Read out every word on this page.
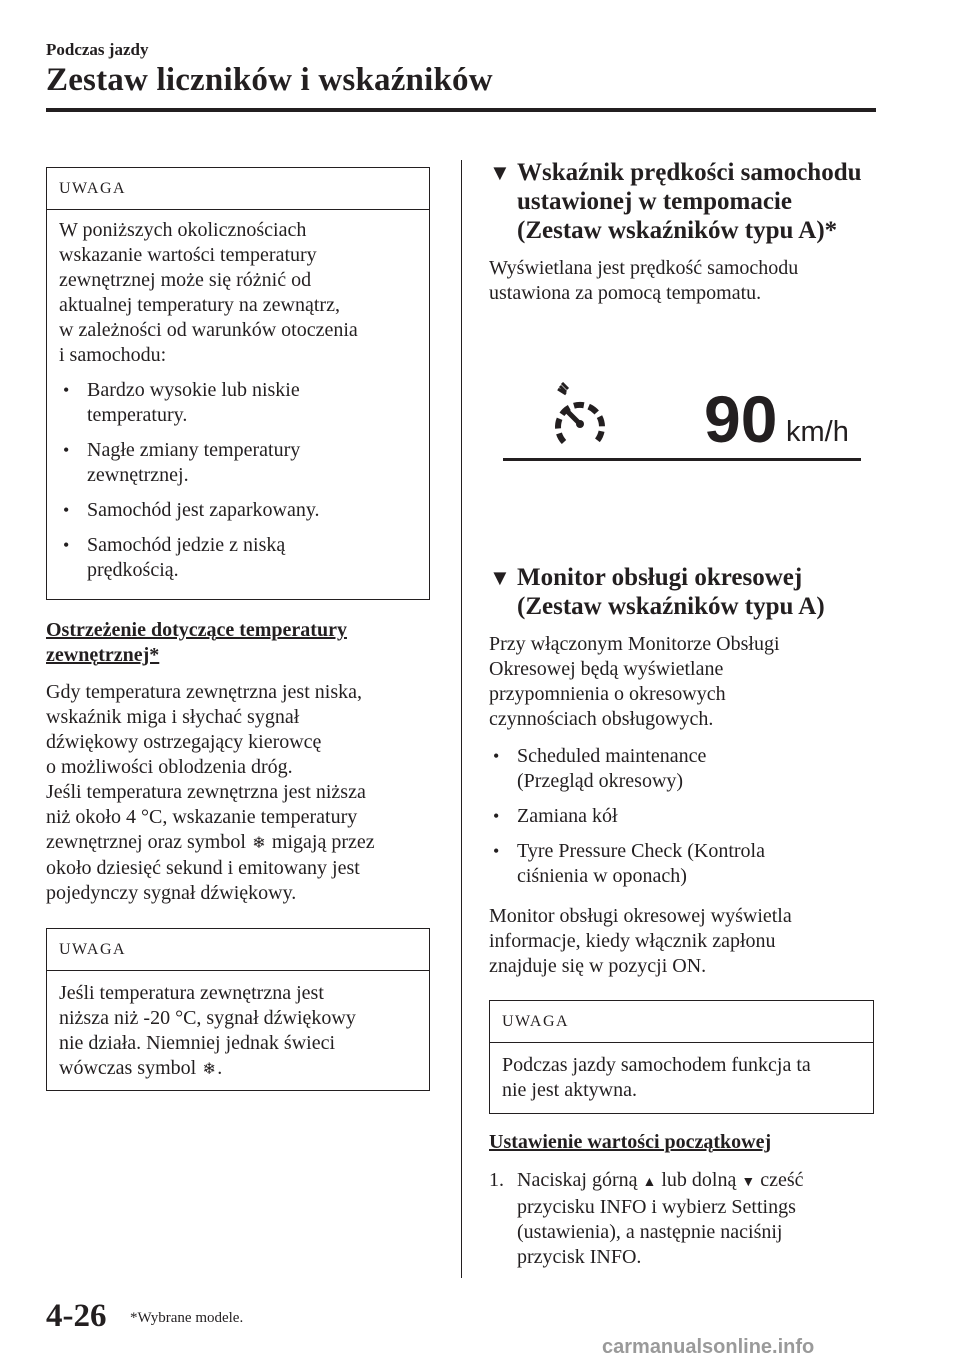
Podczas jazdy
Zestaw liczników i wskaźników
UWAGA

W poniższych okolicznościach
wskazanie wartości temperatury
zewnętrznej może się różnić od
aktualnej temperatury na zewnątrz,
w zależności od warunków otoczenia
i samochodu:

• Bardzo wysokie lub niskie
temperatury.
• Nagłe zmiany temperatury
zewnętrznej.
• Samochód jest zaparkowany.
• Samochód jedzie z niską
prędkością.
Ostrzeżenie dotyczące temperatury
zewnętrznej*
Gdy temperatura zewnętrzna jest niska,
wskaźnik miga i słychać sygnał
dźwiękowy ostrzegający kierowcę
o możliwości oblodzenia dróg.
Jeśli temperatura zewnętrzna jest niższa
niż około 4 °C, wskazanie temperatury
zewnętrznej oraz symbol ❄ migają przez
około dziesięć sekund i emitowany jest
pojedynczy sygnał dźwiękowy.
UWAGA
Jeśli temperatura zewnętrzna jest
niższa niż -20 °C, sygnał dźwiękowy
nie działa. Niemniej jednak świeci
wówczas symbol ❄.
▼ Wskaźnik prędkości samochodu
ustawionej w tempomacie
(Zestaw wskaźników typu A)*
Wyświetlana jest prędkość samochodu
ustawiona za pomocą tempomatu.
90 km/h
▼ Monitor obsługi okresowej
(Zestaw wskaźników typu A)
Przy włączonym Monitorze Obsługi
Okresowej będą wyświetlane
przypomnienia o okresowych
czynnościach obsługowych.
• Scheduled maintenance
(Przegląd okresowy)
• Zamiana kół
• Tyre Pressure Check (Kontrola
ciśnienia w oponach)
Monitor obsługi okresowej wyświetla
informacje, kiedy włącznik zapłonu
znajduje się w pozycji ON.
UWAGA
Podczas jazdy samochodem funkcja ta
nie jest aktywna.
Ustawienie wartości początkowej
1. Naciskaj górną ▲ lub dolną ▼ cześć
przycisku INFO i wybierz Settings
(ustawienia), a następnie naciśnij
przycisk INFO.
4-26 *Wybrane modele.
carmanualsonline.info
